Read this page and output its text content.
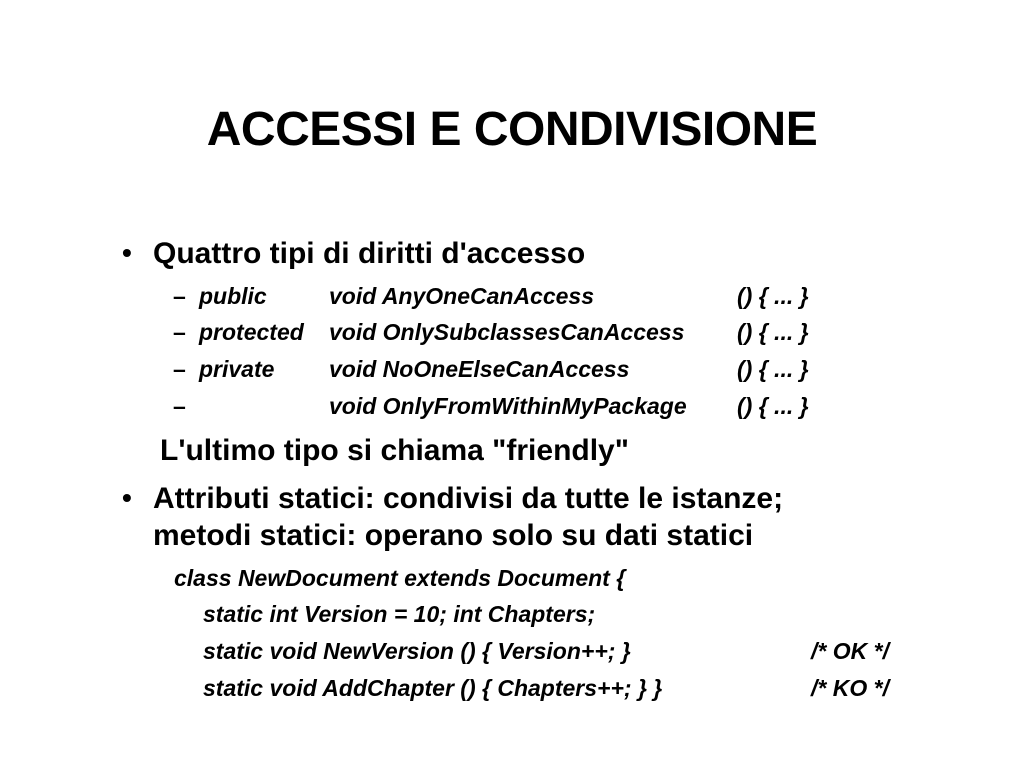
ACCESSI E CONDIVISIONE
• Quattro tipi di diritti d'accesso
– public	void AnyOneCanAccess	() { ... }
– protected void OnlySubclassesCanAccess () { ... }
– private void NoOneElseCanAccess	() { ... }
–	void OnlyFromWithinMyPackage () { ... }
L'ultimo tipo si chiama "friendly"
• Attributi statici: condivisi da tutte le istanze;
metodi statici: operano solo su dati statici
class NewDocument extends Document {
static int Version = 10; int Chapters;
static void NewVersion () { Version++; }	/* OK */
static void AddChapter () { Chapters++; } }	/* KO */
